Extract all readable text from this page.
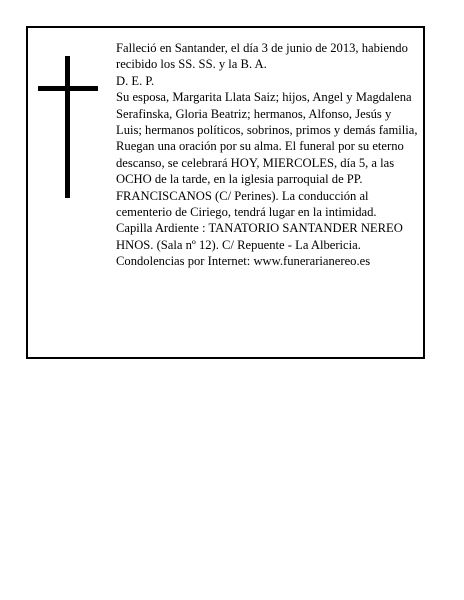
Falleció en Santander, el día 3 de junio de 2013, habiendo recibido los SS. SS. y la B. A.

D. E. P.

Su esposa, Margarita Llata Saiz; hijos, Angel y Magdalena Serafinska, Gloria Beatriz; hermanos, Alfonso, Jesús y Luis; hermanos políticos, sobrinos, primos y demás familia,

Ruegan una oración por su alma. El funeral por su eterno descanso, se celebrará HOY, MIERCOLES, día 5, a las OCHO de la tarde, en la iglesia parroquial de PP. FRANCISCANOS (C/ Perines). La conducción al cementerio de Ciriego, tendrá lugar en la intimidad.

Capilla Ardiente : TANATORIO SANTANDER NEREO HNOS. (Sala nº 12). C/ Repuente - La Albericia.

Condolencias por Internet: www.funerarianereo.es
